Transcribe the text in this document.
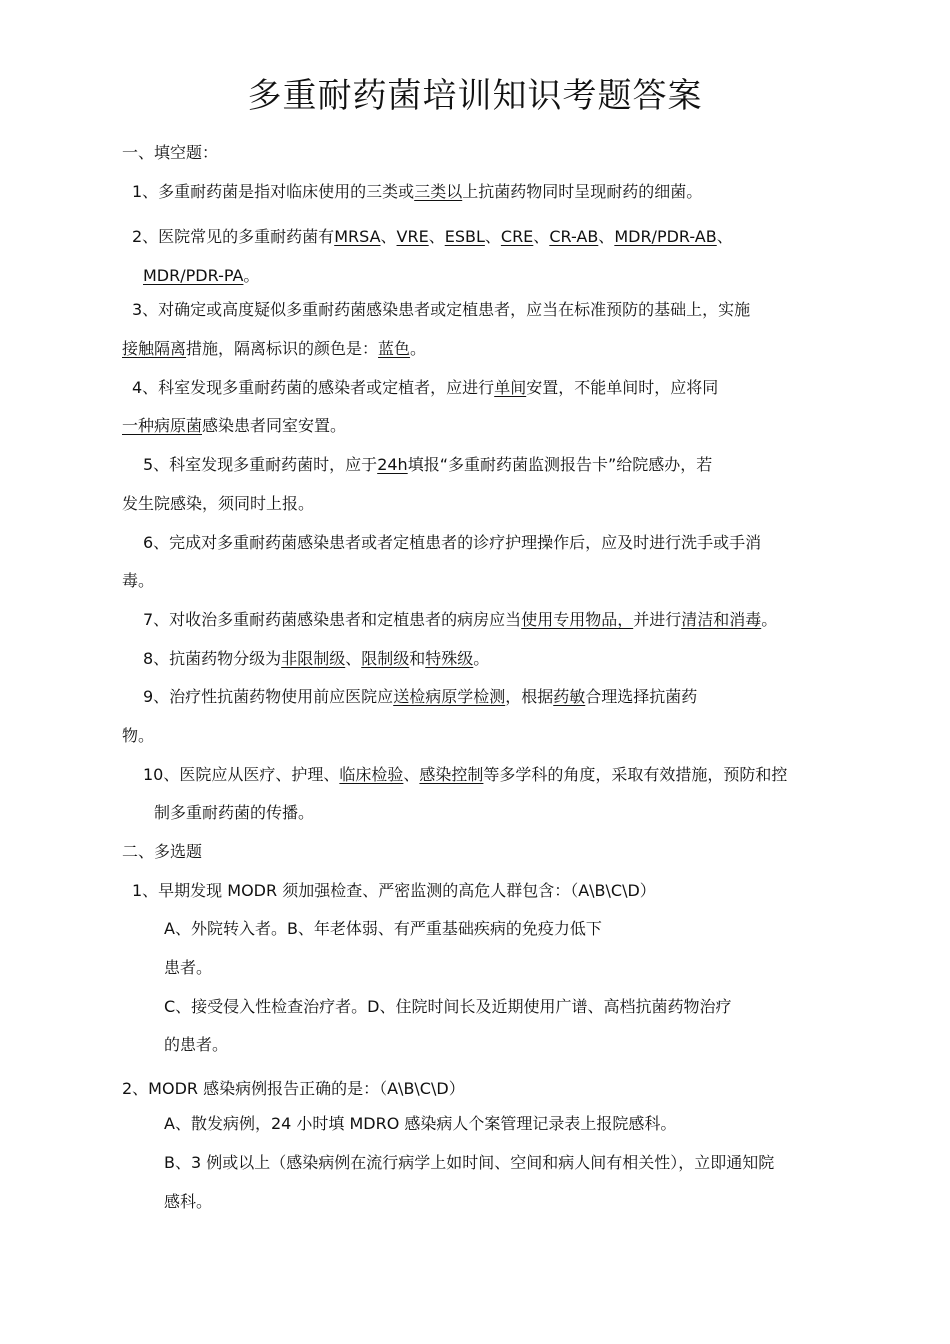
多重耐药菌培训知识考题答案
一、填空题：
1、多重耐药菌是指对临床使用的三类或三类以上抗菌药物同时呈现耐药的细菌。
2、医院常见的多重耐药菌有MRSA、VRE、ESBL、CRE、CR-AB、MDR/PDR-AB、
MDR/PDR-PA。
3、对确定或高度疑似多重耐药菌感染患者或定植患者，应当在标准预防的基础上，实施
接触隔离措施，隔离标识的颜色是：蓝色。
4、科室发现多重耐药菌的感染者或定植者，应进行单间安置，不能单间时，应将同
一种病原菌感染患者同室安置。
5、科室发现多重耐药菌时，应于24h填报“多重耐药菌监测报告卡”给院感办，若
发生院感染，须同时上报。
6、完成对多重耐药菌感染患者或者定植患者的诊疗护理操作后，应及时进行洗手或手消
毒。
7、对收治多重耐药菌感染患者和定植患者的病房应当使用专用物品，并进行清洁和消毒。
8、抗菌药物分级为非限制级、限制级和特殊级。
9、治疗性抗菌药物使用前应医院应送检病原学检测，根据药敏合理选择抗菌药
物。
10、医院应从医疗、护理、临床检验、感染控制等多学科的角度，采取有效措施，预防和控
制多重耐药菌的传播。
二、多选题
1、早期发现 MODR 须加强检查、严密监测的高危人群包含：（A\B\C\D）
A、外院转入者。B、年老体弱、有严重基础疾病的免疫力低下
患者。
C、接受侵入性检查治疗者。D、住院时间长及近期使用广谱、高档抗菌药物治疗
的患者。
2、MODR 感染病例报告正确的是：（A\B\C\D）
A、散发病例，24 小时填 MDRO 感染病人个案管理记录表上报院感科。
B、3 例或以上（感染病例在流行病学上如时间、空间和病人间有相关性），立即通知院
感科。
